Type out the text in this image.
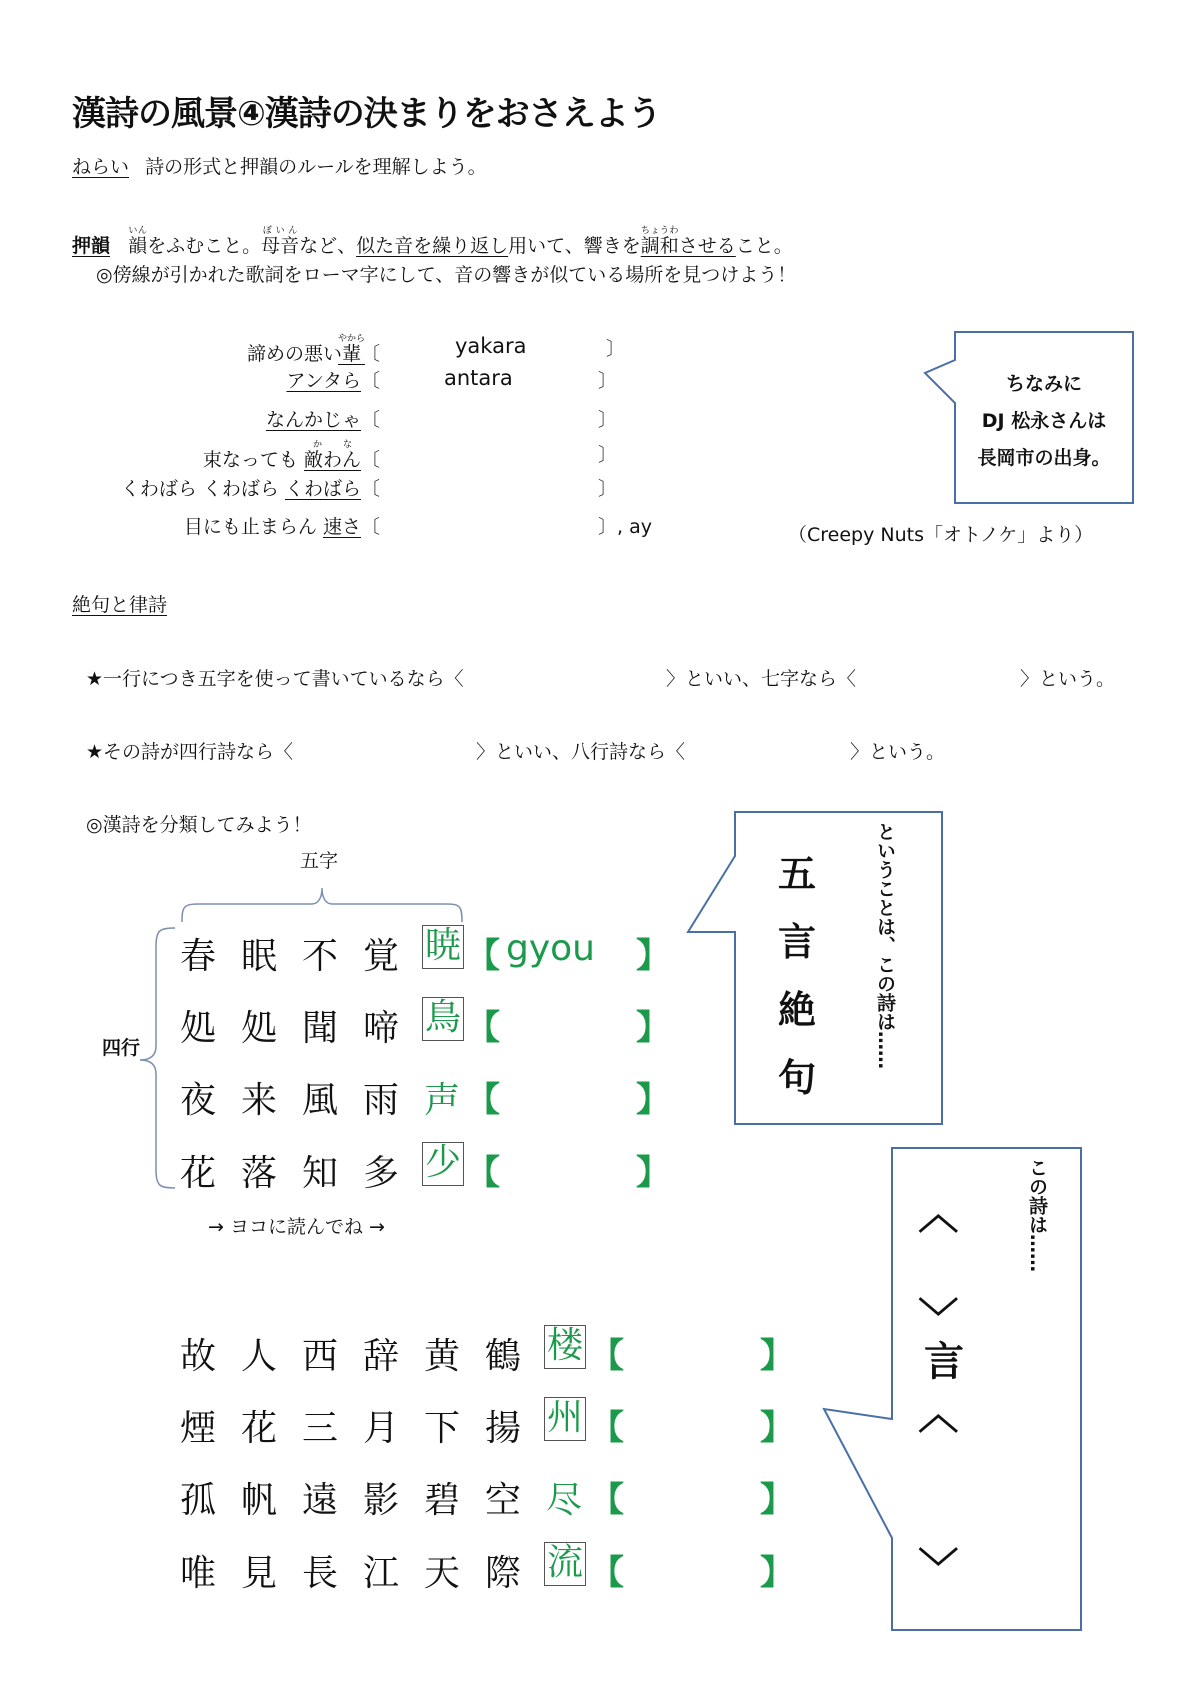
漢詩の風景④漢詩の決まりをおさえよう
ねらい 詩の形式と押韻のルールを理解しよう。
押韻 韻いんをふむこと。母音ぼいんなど、似た音を繰り返し用いて、響きを調和ちょうわさせること。
◎傍線が引かれた歌詞をローマ字にして、音の響きが似ている場所を見つけよう！
諦めの悪い輩やから〔	yakara	〕
アンタら〔	antara	〕
なんかじゃ〔	〕
束なっても 敵わんかな〔	〕
くわばら くわばら くわばら〔	〕
目にも止まらん 速さ〔	〕, ay	（Creepy Nuts「オトノケ」より）
ちなみに
DJ 松永さんは
長岡市の出身。
絶句と律詩
★一行につき五字を使って書いているなら〈	〉といい、七字なら〈	〉という。
★その詩が四行詩なら〈	〉といい、八行詩なら〈	〉という。
◎漢詩を分類してみよう！
五字
四行
春 眠 不 覚 暁 【 gyou 】
処 処 聞 啼 鳥 【	】
夜 来 風 雨 声 【	】
花 落 知 多 少 【	】
→ ヨコに読んでね →
ということは、この詩は……
五
言
絶
句
故 人 西 辞 黄 鶴 楼 【	】
煙 花 三 月 下 揚 州 【	】
孤 帆 遠 影 碧 空 尽 【	】
唯 見 長 江 天 際 流 【	】
この詩は……
〈
〉
言
〈
〉
